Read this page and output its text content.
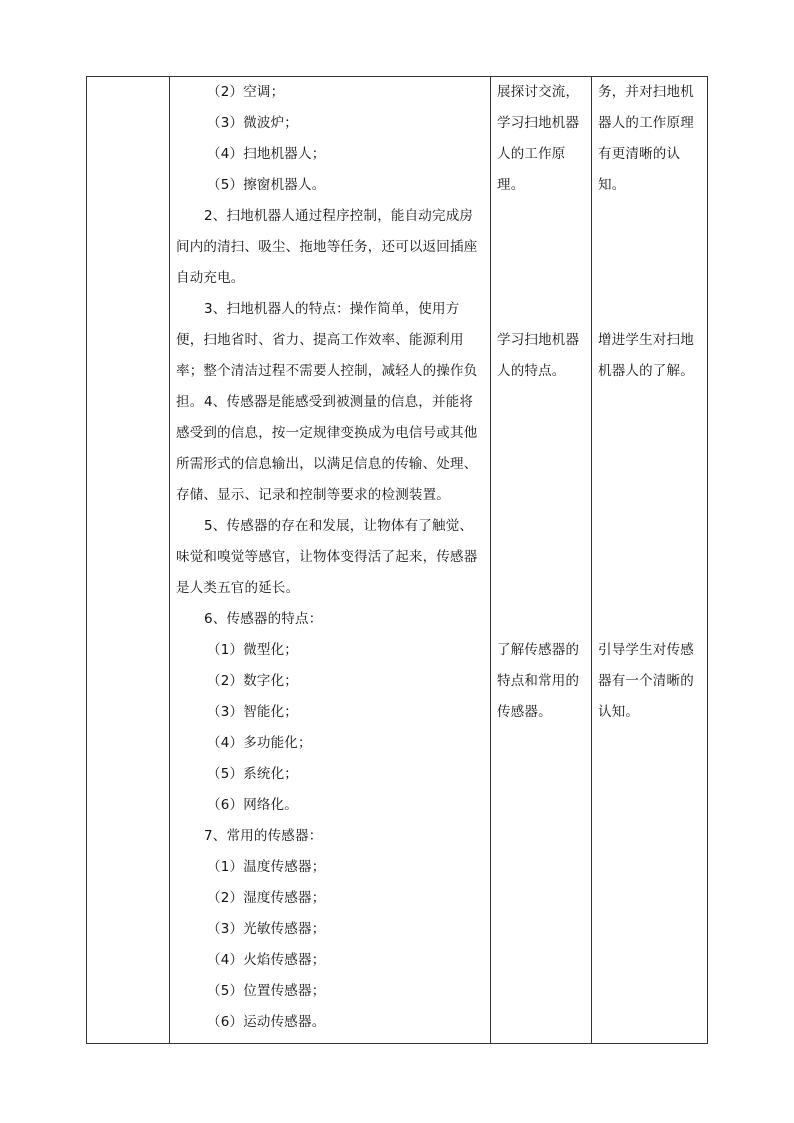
（2）空调；

（3）微波炉；

（4）扫地机器人；

（5）擦窗机器人。

2、扫地机器人通过程序控制，能自动完成房间内的清扫、吸尘、拖地等任务，还可以返回插座自动充电。

3、扫地机器人的特点：操作简单，使用方便，扫地省时、省力、提高工作效率、能源利用率；整个清洁过程不需要人控制，减轻人的操作负担。 4、传感器是能感受到被测量的信息，并能将感受到的信息，按一定规律变换成为电信号或其他所需形式的信息输出，以满足信息的传输、处理、存储、显示、记录和控制等要求的检测装置。

5、传感器的存在和发展，让物体有了触觉、味觉和嗅觉等感官，让物体变得活了起来，传感器是人类五官的延长。

6、传感器的特点：

（1）微型化；

（2）数字化；

（3）智能化；

（4）多功能化；

（5）系统化；

（6）网络化。

7、常用的传感器：

（1）温度传感器；

（2）湿度传感器；

（3）光敏传感器；

（4）火焰传感器；

（5）位置传感器；

（6）运动传感器。

展探讨交流，学习扫地机器人的工作原理。

学习扫地机器人的特点。

了解传感器的特点和常用的传感器。

务，并对扫地机器人的工作原理有更清晰的认知。

增进学生对扫地机器人的了解。

引导学生对传感器有一个清晰的认知。
